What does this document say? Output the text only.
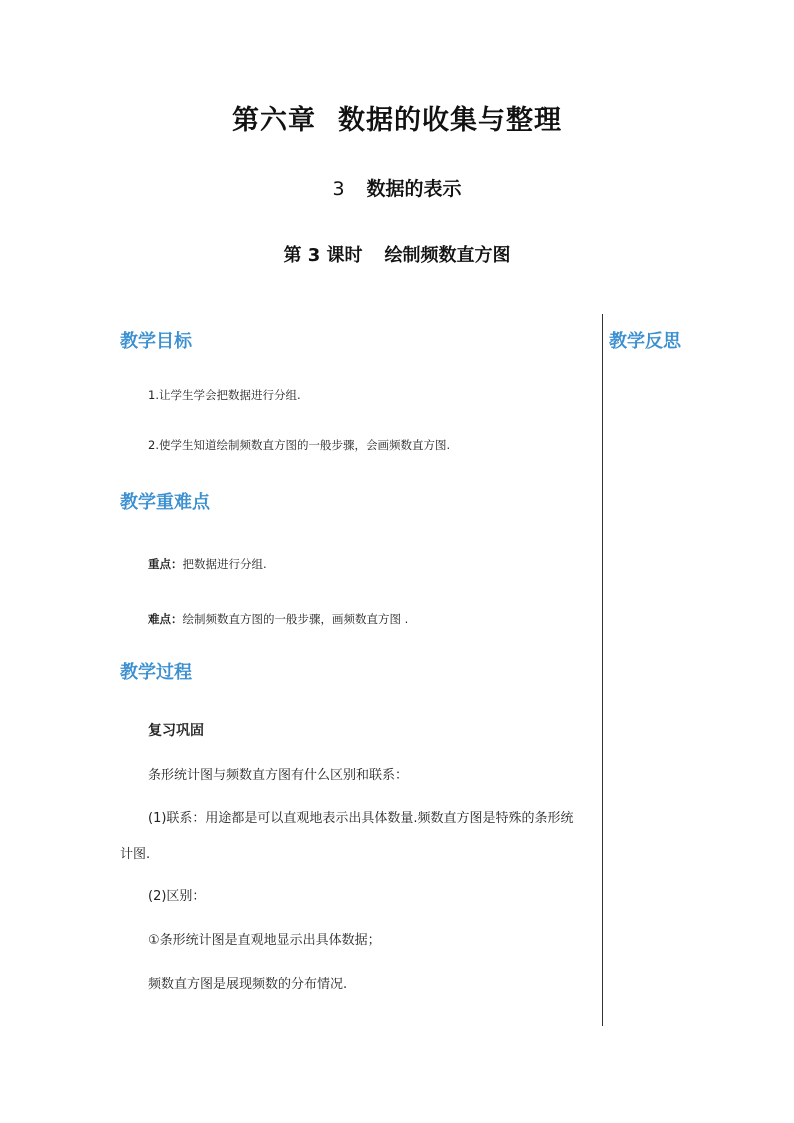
第六章 数据的收集与整理
3 数据的表示
第 3 课时 绘制频数直方图
教学反思
教学目标
1.让学生学会把数据进行分组.
2.使学生知道绘制频数直方图的一般步骤，会画频数直方图.
教学重难点
重点：把数据进行分组.
难点：绘制频数直方图的一般步骤，画频数直方图 .
教学过程
复习巩固
条形统计图与频数直方图有什么区别和联系：
(1)联系：用途都是可以直观地表示出具体数量.频数直方图是特殊的条形统计图.
(2)区别：
①条形统计图是直观地显示出具体数据；
频数直方图是展现频数的分布情况.
